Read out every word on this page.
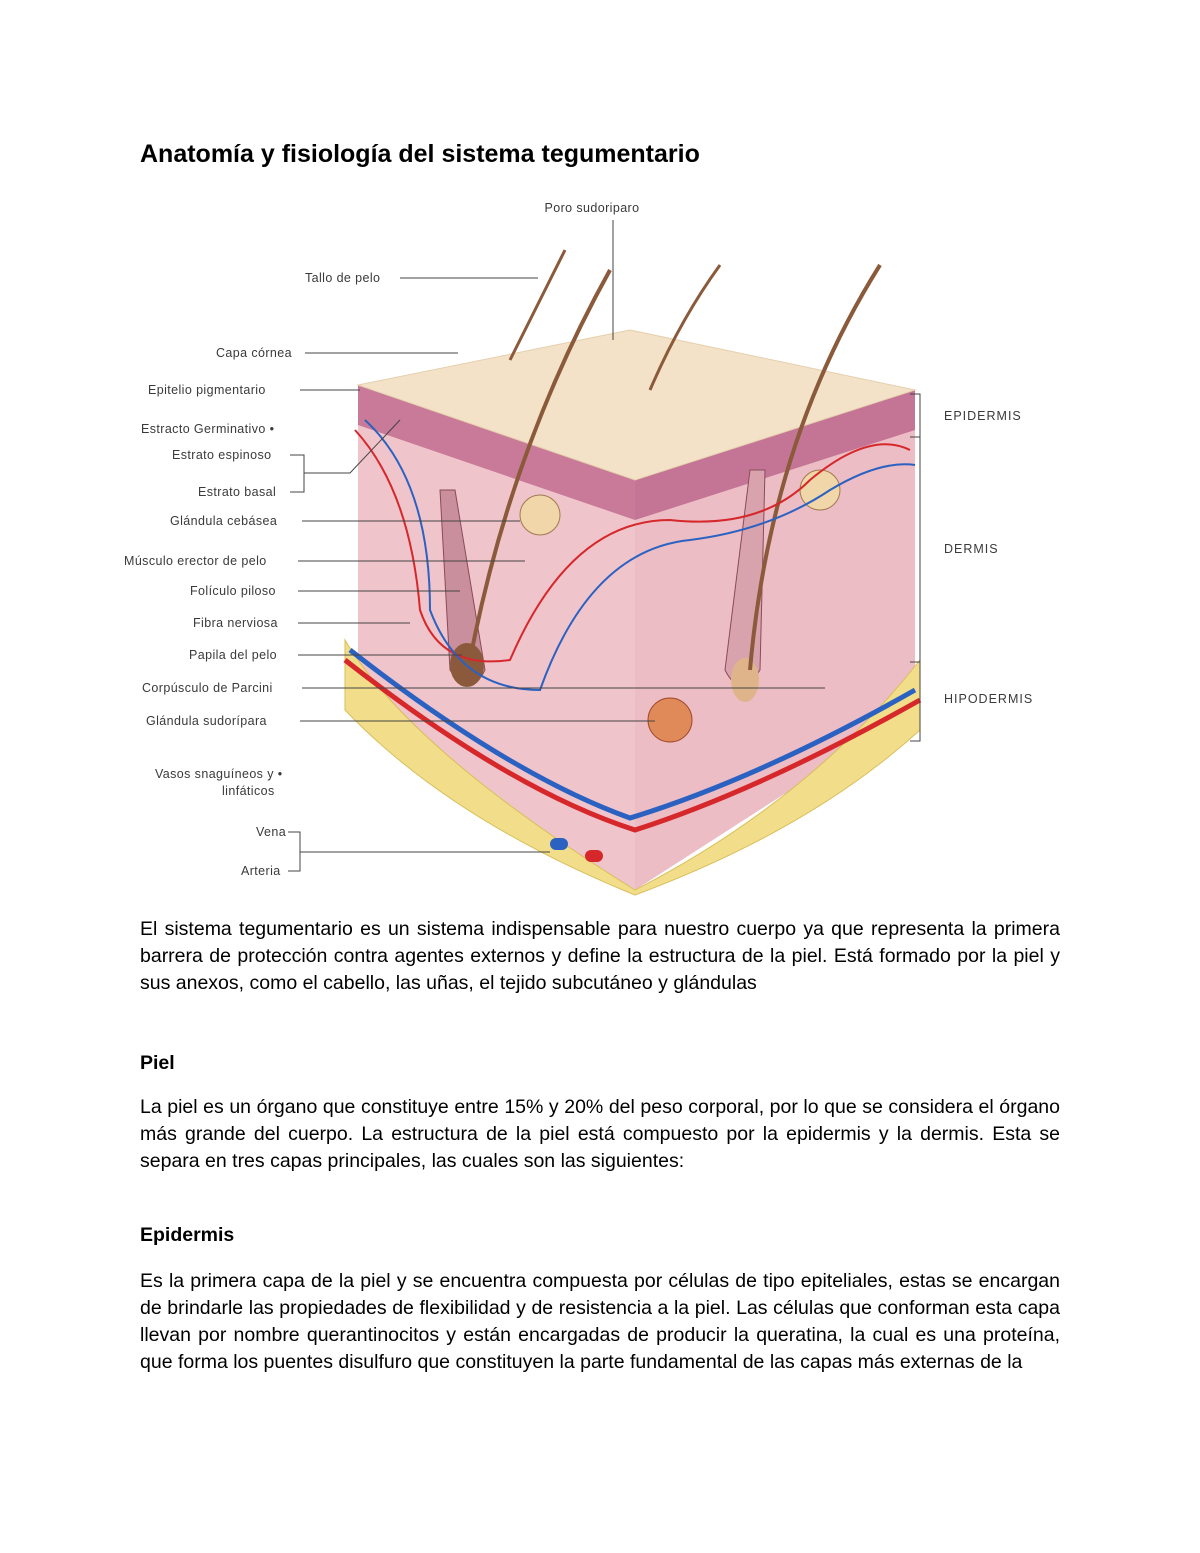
Anatomía y fisiología del sistema tegumentario
Poro sudoriparo
Tallo de pelo
Capa córnea
Epitelio pigmentario
Estracto Germinativo •
Estrato espinoso
Estrato basal
Glándula cebásea
Músculo erector de pelo
Folículo piloso
Fibra nerviosa
Papila del pelo
Corpúsculo de Parcini
Glándula sudorípara
Vasos snaguíneos y •
linfáticos
Vena
Arteria
EPIDERMIS
DERMIS
HIPODERMIS

El sistema tegumentario es un sistema indispensable para nuestro cuerpo ya que representa la primera barrera de protección contra agentes externos y define la estructura de la piel. Está formado por la piel y sus anexos, como el cabello, las uñas, el tejido subcutáneo y glándulas

Piel

La piel es un órgano que constituye entre 15% y 20% del peso corporal, por lo que se considera el órgano más grande del cuerpo. La estructura de la piel está compuesto por la epidermis y la dermis. Esta se separa en tres capas principales, las cuales son las siguientes:

Epidermis

Es la primera capa de la piel y se encuentra compuesta por células de tipo epiteliales, estas se encargan de brindarle las propiedades de flexibilidad y de resistencia a la piel. Las células que conforman esta capa llevan por nombre querantinocitos y están encargadas de producir la queratina, la cual es una proteína, que forma los puentes disulfuro que constituyen la parte fundamental de las capas más externas de la
